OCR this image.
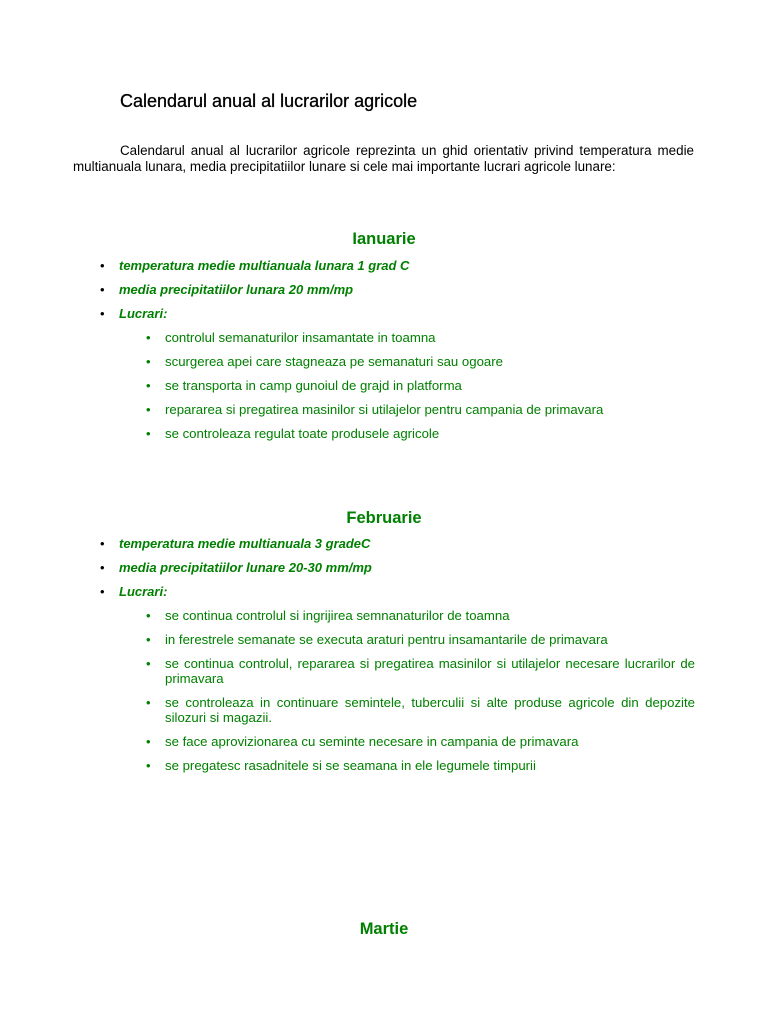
Calendarul anual al lucrarilor agricole

Calendarul anual al lucrarilor agricole reprezinta un ghid orientativ privind temperatura medie multianuala lunara, media precipitatiilor lunare si cele mai importante lucrari agricole lunare:

Ianuarie
• temperatura medie multianuala lunara 1 grad C
• media precipitatiilor lunara 20 mm/mp
• Lucrari:
• controlul semanaturilor insamantate in toamna
• scurgerea apei care stagneaza pe semanaturi sau ogoare
• se transporta in camp gunoiul de grajd in platforma
• repararea si pregatirea masinilor si utilajelor pentru campania de primavara
• se controleaza regulat toate produsele agricole
Februarie
• temperatura medie multianuala 3 gradeC
• media precipitatiilor lunare 20-30 mm/mp
• Lucrari:
• se continua controlul si ingrijirea semnanaturilor de toamna
• in ferestrele semanate se executa araturi pentru insamantarile de primavara
• se continua controlul, repararea si pregatirea masinilor si utilajelor necesare lucrarilor de primavara
• se controleaza in continuare semintele, tuberculii si alte produse agricole din depozite silozuri si magazii.
• se face aprovizionarea cu seminte necesare in campania de primavara
• se pregatesc rasadnitele si se seamana in ele legumele timpurii
Martie
